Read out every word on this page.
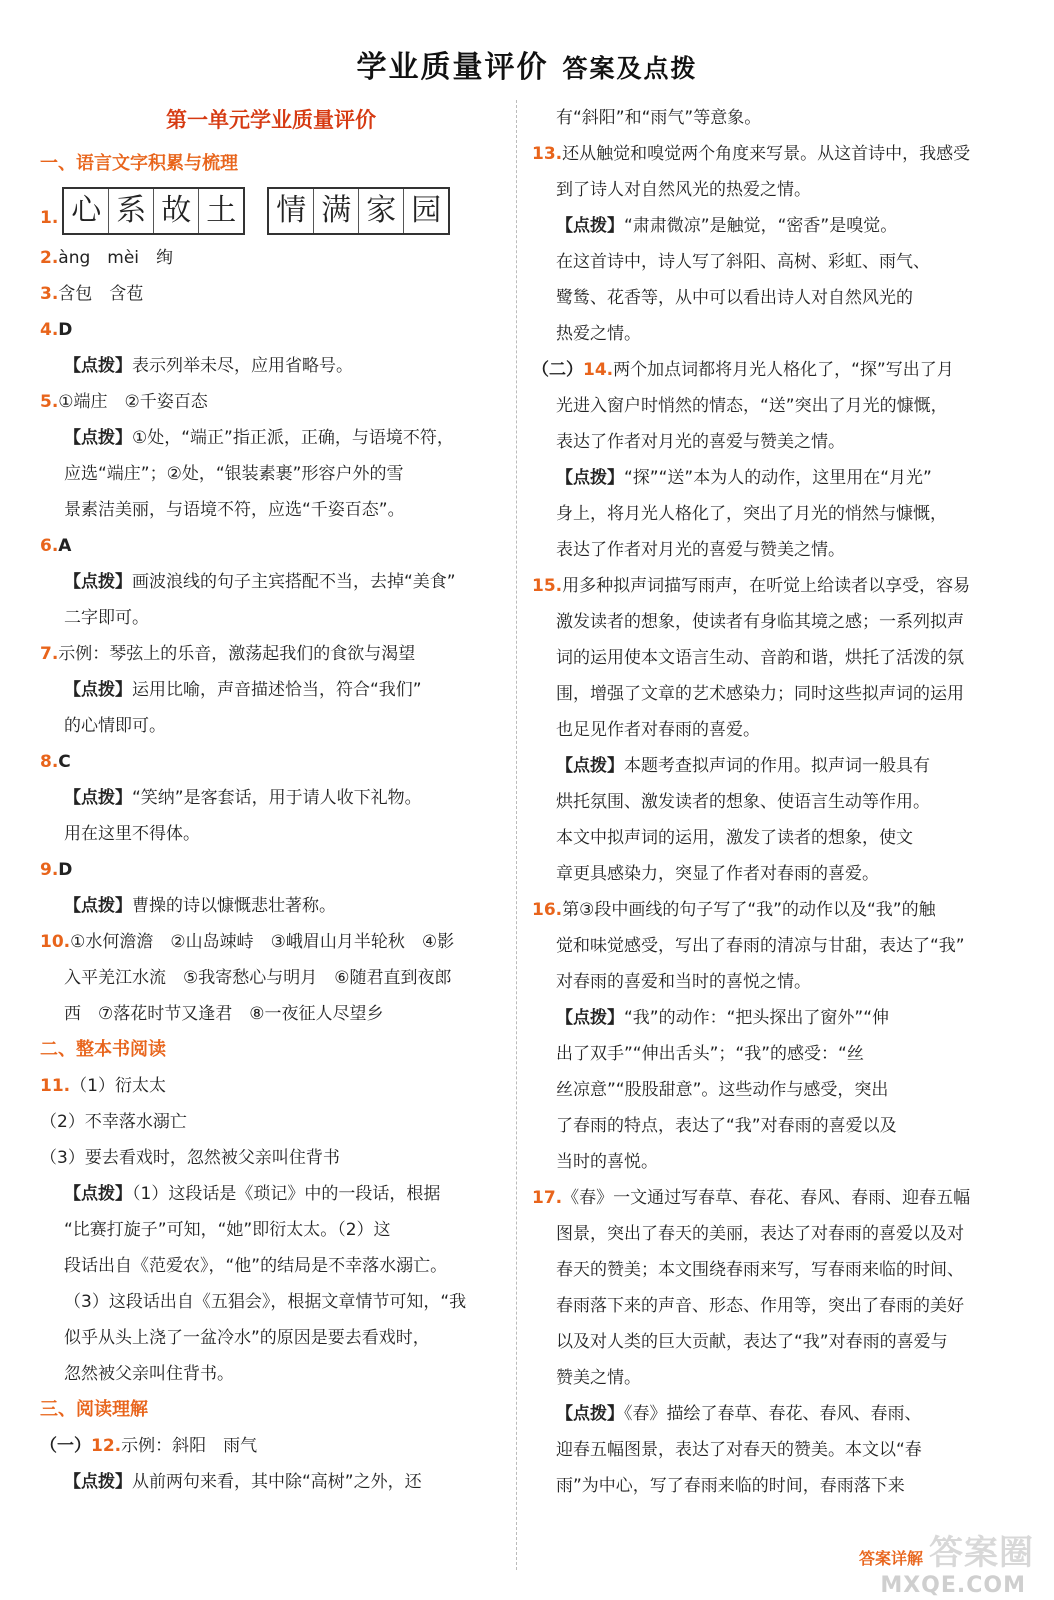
学业质量评价 答案及点拨
第一单元学业质量评价
一、语言文字积累与梳理
1. 心 系 故 土 情 满 家 园
2.àng　mèi　绚
3.含包　含苞
4.D
【点拨】表示列举未尽，应用省略号。
5.①端庄　②千姿百态
【点拨】①处，“端正”指正派，正确，与语境不符，
应选“端庄”；②处，“银装素裹”形容户外的雪
景素洁美丽，与语境不符，应选“千姿百态”。
6.A
【点拨】画波浪线的句子主宾搭配不当，去掉“美食”
二字即可。
7.示例：琴弦上的乐音，激荡起我们的食欲与渴望
【点拨】运用比喻，声音描述恰当，符合“我们”
的心情即可。
8.C
【点拨】“笑纳”是客套话，用于请人收下礼物。
用在这里不得体。
9.D
【点拨】曹操的诗以慷慨悲壮著称。
10.①水何澹澹　②山岛竦峙　③峨眉山月半轮秋　④影
入平羌江水流　⑤我寄愁心与明月　⑥随君直到夜郎
西　⑦落花时节又逢君　⑧一夜征人尽望乡
二、整本书阅读
11.（1）衍太太
（2）不幸落水溺亡
（3）要去看戏时，忽然被父亲叫住背书
【点拨】（1）这段话是《琐记》中的一段话，根据
“比赛打旋子”可知，“她”即衍太太。（2）这
段话出自《范爱农》，“他”的结局是不幸落水溺亡。
（3）这段话出自《五猖会》，根据文章情节可知，“我
似乎从头上浇了一盆冷水”的原因是要去看戏时，
忽然被父亲叫住背书。
三、阅读理解
（一）12.示例：斜阳　雨气
【点拨】从前两句来看，其中除“高树”之外，还
有“斜阳”和“雨气”等意象。
13.还从触觉和嗅觉两个角度来写景。从这首诗中，我感受
到了诗人对自然风光的热爱之情。
【点拨】“肃肃微凉”是触觉，“密香”是嗅觉。
在这首诗中，诗人写了斜阳、高树、彩虹、雨气、
鹭鸶、花香等，从中可以看出诗人对自然风光的
热爱之情。
（二）14.两个加点词都将月光人格化了，“探”写出了月
光进入窗户时悄然的情态，“送”突出了月光的慷慨，
表达了作者对月光的喜爱与赞美之情。
【点拨】“探”“送”本为人的动作，这里用在“月光”
身上，将月光人格化了，突出了月光的悄然与慷慨，
表达了作者对月光的喜爱与赞美之情。
15.用多种拟声词描写雨声，在听觉上给读者以享受，容易
激发读者的想象，使读者有身临其境之感；一系列拟声
词的运用使本文语言生动、音韵和谐，烘托了活泼的氛
围，增强了文章的艺术感染力；同时这些拟声词的运用
也足见作者对春雨的喜爱。
【点拨】本题考查拟声词的作用。拟声词一般具有
烘托氛围、激发读者的想象、使语言生动等作用。
本文中拟声词的运用，激发了读者的想象，使文
章更具感染力，突显了作者对春雨的喜爱。
16.第③段中画线的句子写了“我”的动作以及“我”的触
觉和味觉感受，写出了春雨的清凉与甘甜，表达了“我”
对春雨的喜爱和当时的喜悦之情。
【点拨】“我”的动作：“把头探出了窗外”“伸
出了双手”“伸出舌头”；“我”的感受：“丝
丝凉意”“股股甜意”。这些动作与感受，突出
了春雨的特点，表达了“我”对春雨的喜爱以及
当时的喜悦。
17.《春》一文通过写春草、春花、春风、春雨、迎春五幅
图景，突出了春天的美丽，表达了对春雨的喜爱以及对
春天的赞美；本文围绕春雨来写，写春雨来临的时间、
春雨落下来的声音、形态、作用等，突出了春雨的美好
以及对人类的巨大贡献，表达了“我”对春雨的喜爱与
赞美之情。
【点拨】《春》描绘了春草、春花、春风、春雨、
迎春五幅图景，表达了对春天的赞美。本文以“春
雨”为中心，写了春雨来临的时间，春雨落下来
答案详解 答案圈
MXQE.COM
